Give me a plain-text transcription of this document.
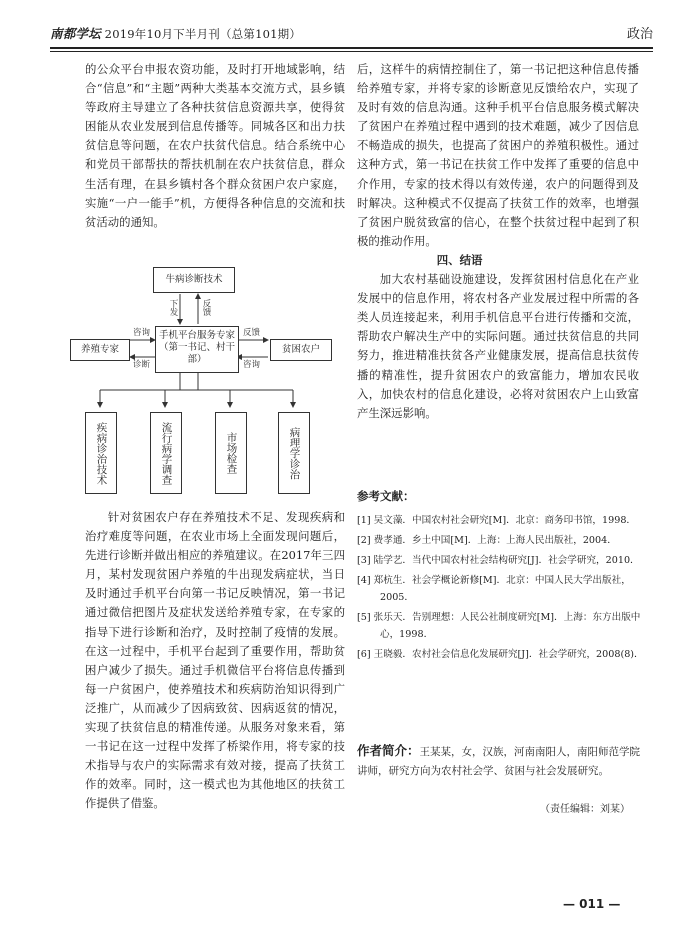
南都学坛 2019年10月下半月刊（总第101期）	政治

的公众平台申报农资功能，及时打开地域影响，结合“信息”和“主题”两种大类基本交流方式，县乡镇等政府主导建立了各种扶贫信息资源共享，使得贫困能从农业发展到信息传播等。同城各区和出力扶贫信息等问题，在农户扶贫代信息。结合系统中心和党员干部帮扶的帮扶机制在农户扶贫信息，群众生活有理，在县乡镇村各个群众贫困户农户家庭，实施“一户一能手”机，方便得各种信息的交流和扶贫活动的通知。

牛病诊断技术
手机平台服务专家（第一书记、村干部）
养殖专家	贫困农户
咨询
诊断
反馈
咨询
下发	反馈
疾病诊治技术	流行病学调查	市场检查	病理学诊治

针对贫困农户存在养殖技术不足、发现疾病和治疗难度等问题，在农业市场上全面发现问题后，先进行诊断并做出相应的养殖建议。在2017年三四月，某村发现贫困户养殖的牛出现发病症状，当日及时通过手机平台向第一书记反映情况，第一书记通过微信把图片及症状发送给养殖专家，在专家的指导下进行诊断和治疗，及时控制了疫情的发展。在这一过程中，手机平台起到了重要作用，帮助贫困户减少了损失。通过手机微信平台将信息传播到每一户贫困户，使养殖技术和疾病防治知识得到广泛推广，从而减少了因病致贫、因病返贫的情况，实现了扶贫信息的精准传递。从服务对象来看，第一书记在这一过程中发挥了桥梁作用，将专家的技术指导与农户的实际需求有效对接，提高了扶贫工作的效率。同时，这一模式也为其他地区的扶贫工作提供了借鉴。

后，这样牛的病情控制住了，第一书记把这种信息传播给养殖专家，并将专家的诊断意见反馈给农户，实现了及时有效的信息沟通。这种手机平台信息服务模式解决了贫困户在养殖过程中遇到的技术难题，减少了因信息不畅造成的损失，也提高了贫困户的养殖积极性。通过这种方式，第一书记在扶贫工作中发挥了重要的信息中介作用，专家的技术得以有效传递，农户的问题得到及时解决。这种模式不仅提高了扶贫工作的效率，也增强了贫困户脱贫致富的信心，在整个扶贫过程中起到了积极的推动作用。

四、结语

加大农村基础设施建设，发挥贫困村信息化在产业发展中的信息作用，将农村各产业发展过程中所需的各类人员连接起来，利用手机信息平台进行传播和交流，帮助农户解决生产中的实际问题。通过扶贫信息的共同努力，推进精准扶贫各产业健康发展，提高信息扶贫传播的精准性，提升贫困农户的致富能力，增加农民收入，加快农村的信息化建设，必将对贫困农户上山致富产生深远影响。

参考文献：
[1] 吴文藻．中国农村社会研究[M]．北京：商务印书馆，1998．
[2] 费孝通．乡土中国[M]．上海：上海人民出版社，2004．
[3] 陆学艺．当代中国农村社会结构研究[J]．社会学研究，2010．
[4] 郑杭生．社会学概论新修[M]．北京：中国人民大学出版社，2005．
[5] 张乐天．告别理想：人民公社制度研究[M]．上海：东方出版中心，1998．
[6] 王晓毅．农村社会信息化发展研究[J]．社会学研究，2008(8)．
作者简介：王某某，女，汉族，河南南阳人，南阳师范学院讲师，研究方向为农村社会学、贫困与社会发展研究。
（责任编辑：刘某）
— 011 —
